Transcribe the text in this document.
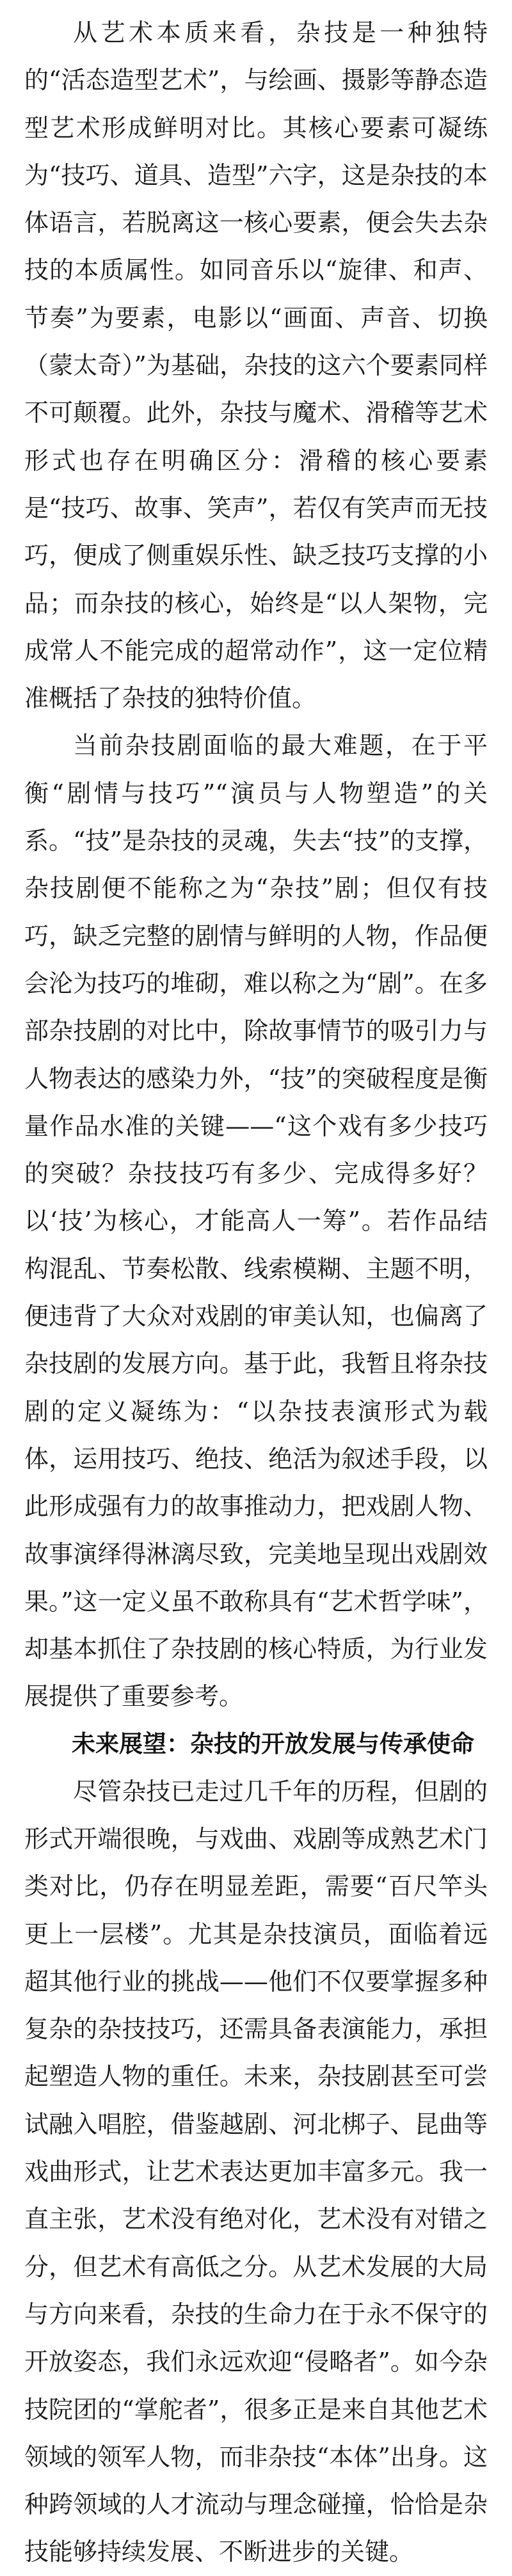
从艺术本质来看，杂技是一种独特的“活态造型艺术”，与绘画、摄影等静态造型艺术形成鲜明对比。其核心要素可凝练为“技巧、道具、造型”六字，这是杂技的本体语言，若脱离这一核心要素，便会失去杂技的本质属性。如同音乐以“旋律、和声、节奏”为要素，电影以“画面、声音、切换（蒙太奇）”为基础，杂技的这六个要素同样不可颠覆。此外，杂技与魔术、滑稽等艺术形式也存在明确区分：滑稽的核心要素是“技巧、故事、笑声”，若仅有笑声而无技巧，便成了侧重娱乐性、缺乏技巧支撑的小品；而杂技的核心，始终是“以人架物，完成常人不能完成的超常动作”，这一定位精准概括了杂技的独特价值。

当前杂技剧面临的最大难题，在于平衡“剧情与技巧”“演员与人物塑造”的关系。“技”是杂技的灵魂，失去“技”的支撑，杂技剧便不能称之为“杂技”剧；但仅有技巧，缺乏完整的剧情与鲜明的人物，作品便会沦为技巧的堆砌，难以称之为“剧”。在多部杂技剧的对比中，除故事情节的吸引力与人物表达的感染力外，“技”的突破程度是衡量作品水准的关键——“这个戏有多少技巧的突破？杂技技巧有多少、完成得多好？以‘技’为核心，才能高人一筹”。若作品结构混乱、节奏松散、线索模糊、主题不明，便违背了大众对戏剧的审美认知，也偏离了杂技剧的发展方向。基于此，我暂且将杂技剧的定义凝练为：“以杂技表演形式为载体，运用技巧、绝技、绝活为叙述手段，以此形成强有力的故事推动力，把戏剧人物、故事演绎得淋漓尽致，完美地呈现出戏剧效果。”这一定义虽不敢称具有“艺术哲学味”，却基本抓住了杂技剧的核心特质，为行业发展提供了重要参考。

未来展望：杂技的开放发展与传承使命

尽管杂技已走过几千年的历程，但剧的形式开端很晚，与戏曲、戏剧等成熟艺术门类对比，仍存在明显差距，需要“百尺竿头更上一层楼”。尤其是杂技演员，面临着远超其他行业的挑战——他们不仅要掌握多种复杂的杂技技巧，还需具备表演能力，承担起塑造人物的重任。未来，杂技剧甚至可尝试融入唱腔，借鉴越剧、河北梆子、昆曲等戏曲形式，让艺术表达更加丰富多元。我一直主张，艺术没有绝对化，艺术没有对错之分，但艺术有高低之分。从艺术发展的大局与方向来看，杂技的生命力在于永不保守的开放姿态，我们永远欢迎“侵略者”。如今杂技院团的“掌舵者”，很多正是来自其他艺术领域的领军人物，而非杂技“本体”出身。这种跨领域的人才流动与理念碰撞，恰恰是杂技能够持续发展、不断进步的关键。
